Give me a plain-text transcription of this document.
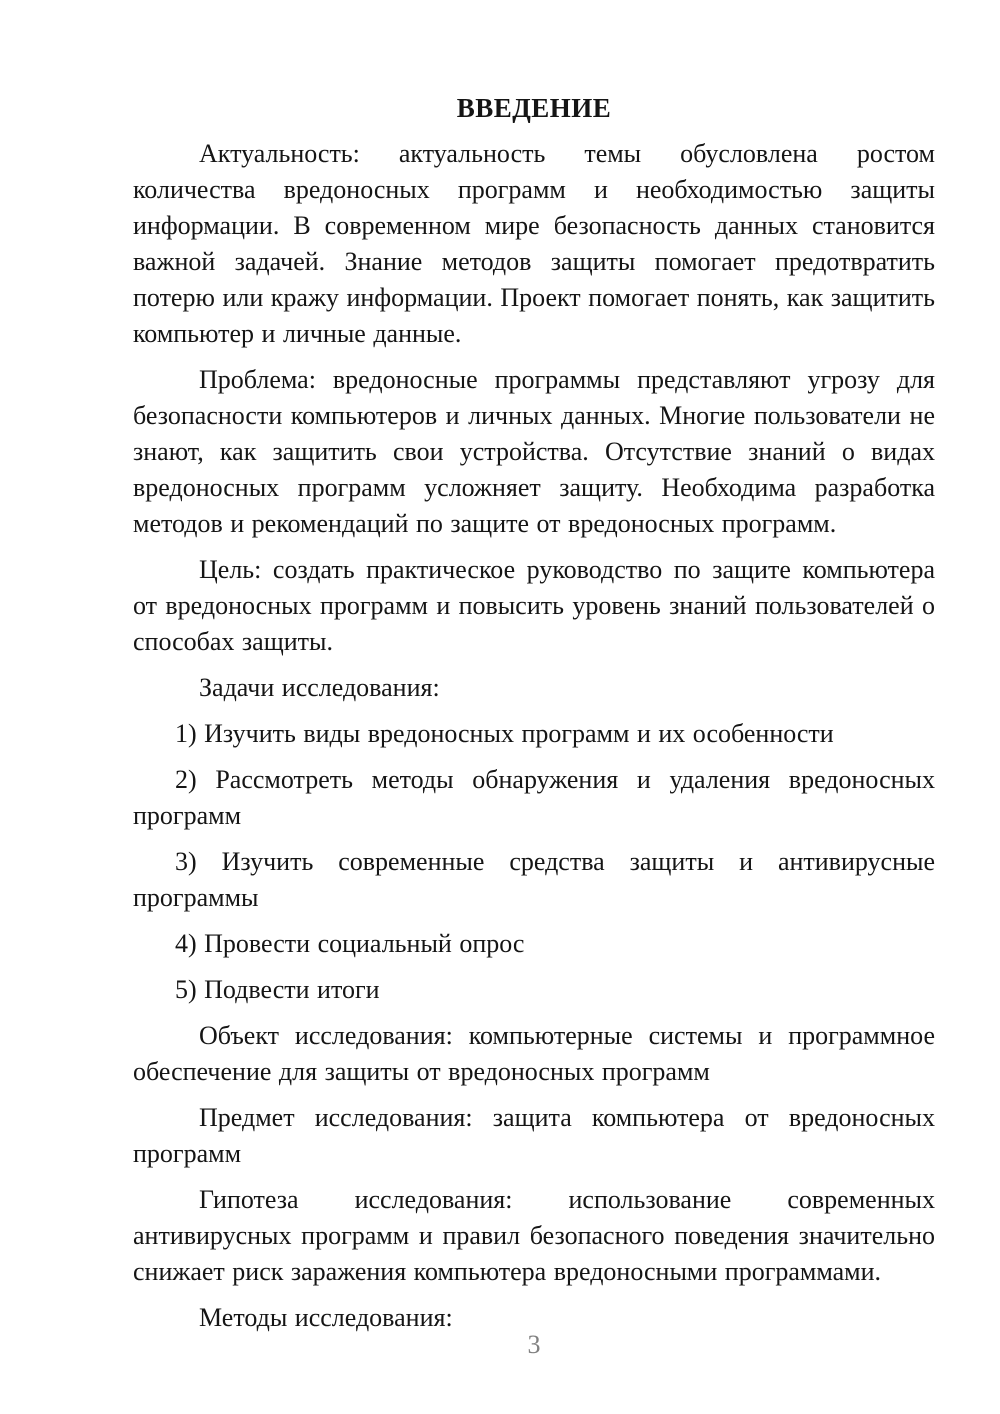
ВВЕДЕНИЕ

Актуальность: актуальность темы обусловлена ростом количества вредоносных программ и необходимостью защиты информации. В современном мире безопасность данных становится важной задачей. Знание методов защиты помогает предотвратить потерю или кражу информации. Проект помогает понять, как защитить компьютер и личные данные.

Проблема: вредоносные программы представляют угрозу для безопасности компьютеров и личных данных. Многие пользователи не знают, как защитить свои устройства. Отсутствие знаний о видах вредоносных программ усложняет защиту. Необходима разработка методов и рекомендаций по защите от вредоносных программ.

Цель: создать практическое руководство по защите компьютера от вредоносных программ и повысить уровень знаний пользователей о способах защиты.

Задачи исследования:

1) Изучить виды вредоносных программ и их особенности

2) Рассмотреть методы обнаружения и удаления вредоносных программ

3) Изучить современные средства защиты и антивирусные программы

4) Провести социальный опрос

5) Подвести итоги

Объект исследования: компьютерные системы и программное обеспечение для защиты от вредоносных программ

Предмет исследования: защита компьютера от вредоносных программ

Гипотеза исследования: использование современных антивирусных программ и правил безопасного поведения значительно снижает риск заражения компьютера вредоносными программами.

Методы исследования:

3
